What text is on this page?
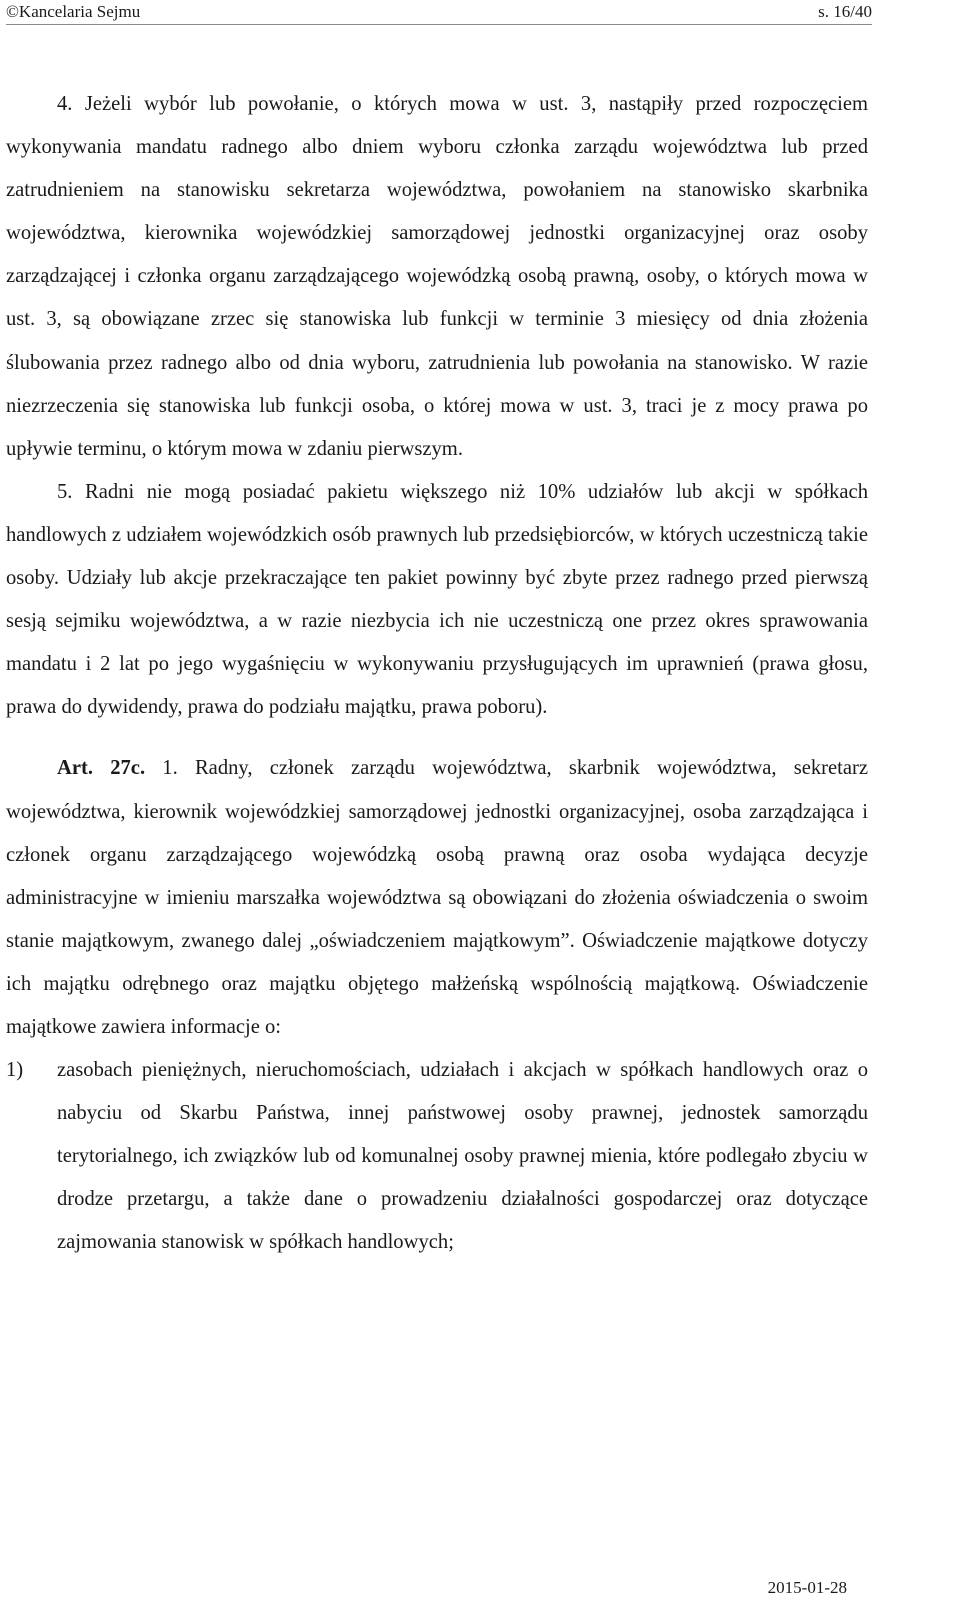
©Kancelaria Sejmu	s. 16/40

4. Jeżeli wybór lub powołanie, o których mowa w ust. 3, nastąpiły przed rozpoczęciem wykonywania mandatu radnego albo dniem wyboru członka zarządu województwa lub przed zatrudnieniem na stanowisku sekretarza województwa, powołaniem na stanowisko skarbnika województwa, kierownika wojewódzkiej samorządowej jednostki organizacyjnej oraz osoby zarządzającej i członka organu zarządzającego wojewódzką osobą prawną, osoby, o których mowa w ust. 3, są obowiązane zrzec się stanowiska lub funkcji w terminie 3 miesięcy od dnia złożenia ślubowania przez radnego albo od dnia wyboru, zatrudnienia lub powołania na stanowisko. W razie niezrzeczenia się stanowiska lub funkcji osoba, o której mowa w ust. 3, traci je z mocy prawa po upływie terminu, o którym mowa w zdaniu pierwszym.

5. Radni nie mogą posiadać pakietu większego niż 10% udziałów lub akcji w spółkach handlowych z udziałem wojewódzkich osób prawnych lub przedsiębiorców, w których uczestniczą takie osoby. Udziały lub akcje przekraczające ten pakiet powinny być zbyte przez radnego przed pierwszą sesją sejmiku województwa, a w razie niezbycia ich nie uczestniczą one przez okres sprawowania mandatu i 2 lat po jego wygaśnięciu w wykonywaniu przysługujących im uprawnień (prawa głosu, prawa do dywidendy, prawa do podziału majątku, prawa poboru).

Art. 27c. 1. Radny, członek zarządu województwa, skarbnik województwa, sekretarz województwa, kierownik wojewódzkiej samorządowej jednostki organizacyjnej, osoba zarządzająca i członek organu zarządzającego wojewódzką osobą prawną oraz osoba wydająca decyzje administracyjne w imieniu marszałka województwa są obowiązani do złożenia oświadczenia o swoim stanie majątkowym, zwanego dalej „oświadczeniem majątkowym”. Oświadczenie majątkowe dotyczy ich majątku odrębnego oraz majątku objętego małżeńską wspólnością majątkową. Oświadczenie majątkowe zawiera informacje o:

1)	zasobach pieniężnych, nieruchomościach, udziałach i akcjach w spółkach handlowych oraz o nabyciu od Skarbu Państwa, innej państwowej osoby prawnej, jednostek samorządu terytorialnego, ich związków lub od komunalnej osoby prawnej mienia, które podlegało zbyciu w drodze przetargu, a także dane o prowadzeniu działalności gospodarczej oraz dotyczące zajmowania stanowisk w spółkach handlowych;
2015-01-28
